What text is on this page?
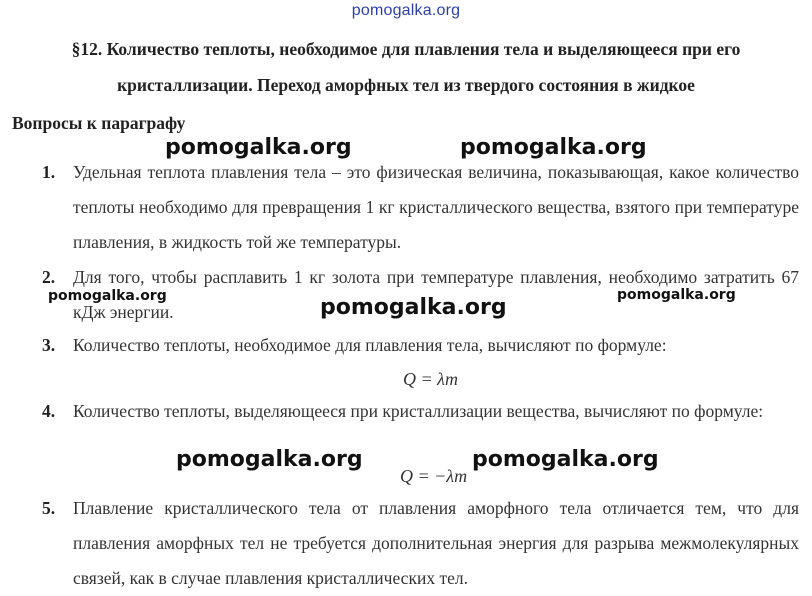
pomogalka.org
§12. Количество теплоты, необходимое для плавления тела и выделяющееся при его
кристаллизации. Переход аморфных тел из твердого состояния в жидкое
Вопросы к параграфу
1. Удельная теплота плавления тела – это физическая величина, показывающая, какое количество теплоты необходимо для превращения 1 кг кристаллического вещества, взятого при температуре плавления, в жидкость той же температуры.
2. Для того, чтобы расплавить 1 кг золота при температуре плавления, необходимо затратить 67 кДж энергии.
3. Количество теплоты, необходимое для плавления тела, вычисляют по формуле:
Q = λm
4. Количество теплоты, выделяющееся при кристаллизации вещества, вычисляют по формуле:
Q = −λm
5. Плавление кристаллического тела от плавления аморфного тела отличается тем, что для плавления аморфных тел не требуется дополнительная энергия для разрыва межмолекулярных связей, как в случае плавления кристаллических тел.
pomogalka.org	pomogalka.org
pomogalka.org	pomogalka.org	pomogalka.org
pomogalka.org	pomogalka.org
